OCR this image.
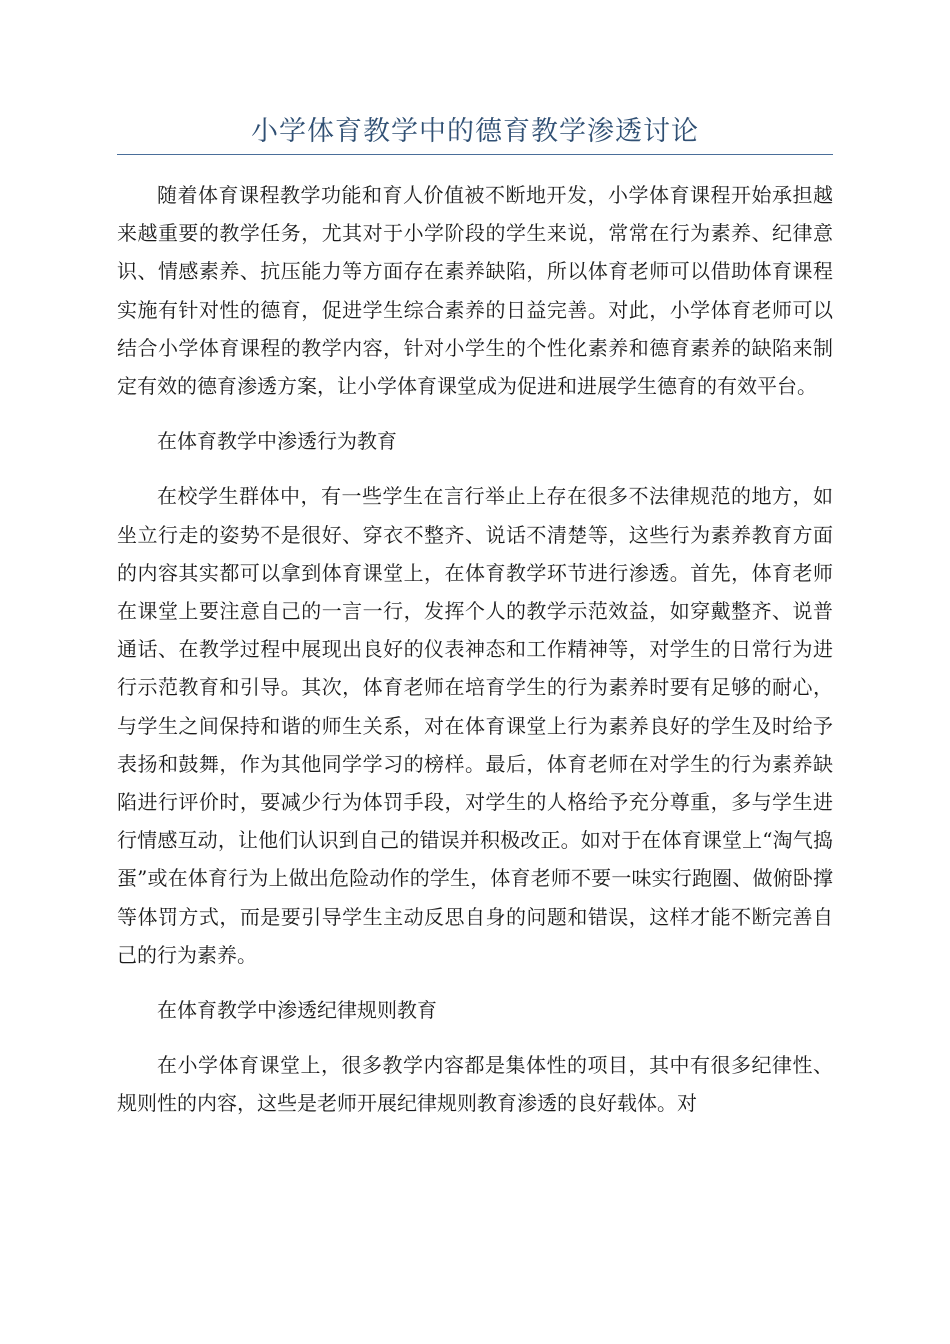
小学体育教学中的德育教学渗透讨论

随着体育课程教学功能和育人价值被不断地开发，小学体育课程开始承担越来越重要的教学任务，尤其对于小学阶段的学生来说，常常在行为素养、纪律意识、情感素养、抗压能力等方面存在素养缺陷，所以体育老师可以借助体育课程实施有针对性的德育，促进学生综合素养的日益完善。对此，小学体育老师可以结合小学体育课程的教学内容，针对小学生的个性化素养和德育素养的缺陷来制定有效的德育渗透方案，让小学体育课堂成为促进和进展学生德育的有效平台。

在体育教学中渗透行为教育

在校学生群体中，有一些学生在言行举止上存在很多不法律规范的地方，如坐立行走的姿势不是很好、穿衣不整齐、说话不清楚等，这些行为素养教育方面的内容其实都可以拿到体育课堂上，在体育教学环节进行渗透。首先，体育老师在课堂上要注意自己的一言一行，发挥个人的教学示范效益，如穿戴整齐、说普通话、在教学过程中展现出良好的仪表神态和工作精神等，对学生的日常行为进行示范教育和引导。其次，体育老师在培育学生的行为素养时要有足够的耐心，与学生之间保持和谐的师生关系，对在体育课堂上行为素养良好的学生及时给予表扬和鼓舞，作为其他同学学习的榜样。最后，体育老师在对学生的行为素养缺陷进行评价时，要减少行为体罚手段，对学生的人格给予充分尊重，多与学生进行情感互动，让他们认识到自己的错误并积极改正。如对于在体育课堂上“淘气捣蛋”或在体育行为上做出危险动作的学生，体育老师不要一味实行跑圈、做俯卧撑等体罚方式，而是要引导学生主动反思自身的问题和错误，这样才能不断完善自己的行为素养。

在体育教学中渗透纪律规则教育

在小学体育课堂上，很多教学内容都是集体性的项目，其中有很多纪律性、规则性的内容，这些是老师开展纪律规则教育渗透的良好载体。对
